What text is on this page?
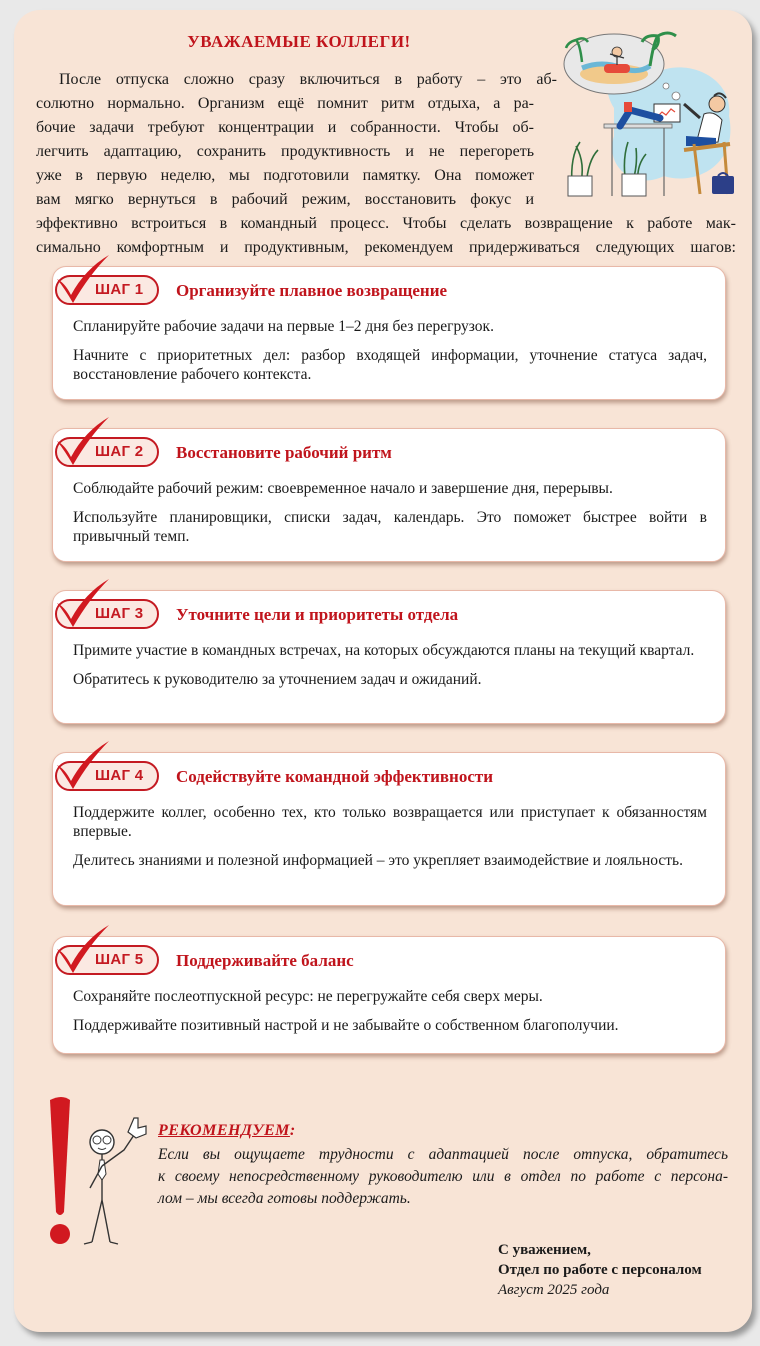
УВАЖАЕМЫЕ КОЛЛЕГИ!
После отпуска сложно сразу включиться в работу – это аб-
солютно нормально. Организм ещё помнит ритм отдыха, а ра-
бочие задачи требуют концентрации и собранности. Чтобы об-
легчить адаптацию, сохранить продуктивность и не перегореть
уже в первую неделю, мы подготовили памятку. Она поможет
вам мягко вернуться в рабочий режим, восстановить фокус и
эффективно встроиться в командный процесс. Чтобы сделать возвращение к работе мак-
симально комфортным и продуктивным, рекомендуем придерживаться следующих шагов:
ШАГ 1 Организуйте плавное возвращение

Спланируйте рабочие задачи на первые 1–2 дня без перегрузок.

Начните с приоритетных дел: разбор входящей информации, уточнение статуса задач, восстановление рабочего контекста.

ШАГ 2 Восстановите рабочий ритм

Соблюдайте рабочий режим: своевременное начало и завершение дня, перерывы.

Используйте планировщики, списки задач, календарь. Это поможет быстрее войти в привычный темп.

ШАГ 3 Уточните цели и приоритеты отдела

Примите участие в командных встречах, на которых обсуждаются планы на текущий квартал.

Обратитесь к руководителю за уточнением задач и ожиданий.

ШАГ 4 Содействуйте командной эффективности

Поддержите коллег, особенно тех, кто только возвращается или приступает к обязанностям впервые.

Делитесь знаниями и полезной информацией – это укрепляет взаимодействие и лояльность.

ШАГ 5 Поддерживайте баланс

Сохраняйте послеотпускной ресурс: не перегружайте себя сверх меры.

Поддерживайте позитивный настрой и не забывайте о собственном благополучии.

РЕКОМЕНДУЕМ:
Если вы ощущаете трудности с адаптацией после отпуска, обратитесь
к своему непосредственному руководителю или в отдел по работе с персона-
лом – мы всегда готовы поддержать.
С уважением,
Отдел по работе с персоналом
Август 2025 года
